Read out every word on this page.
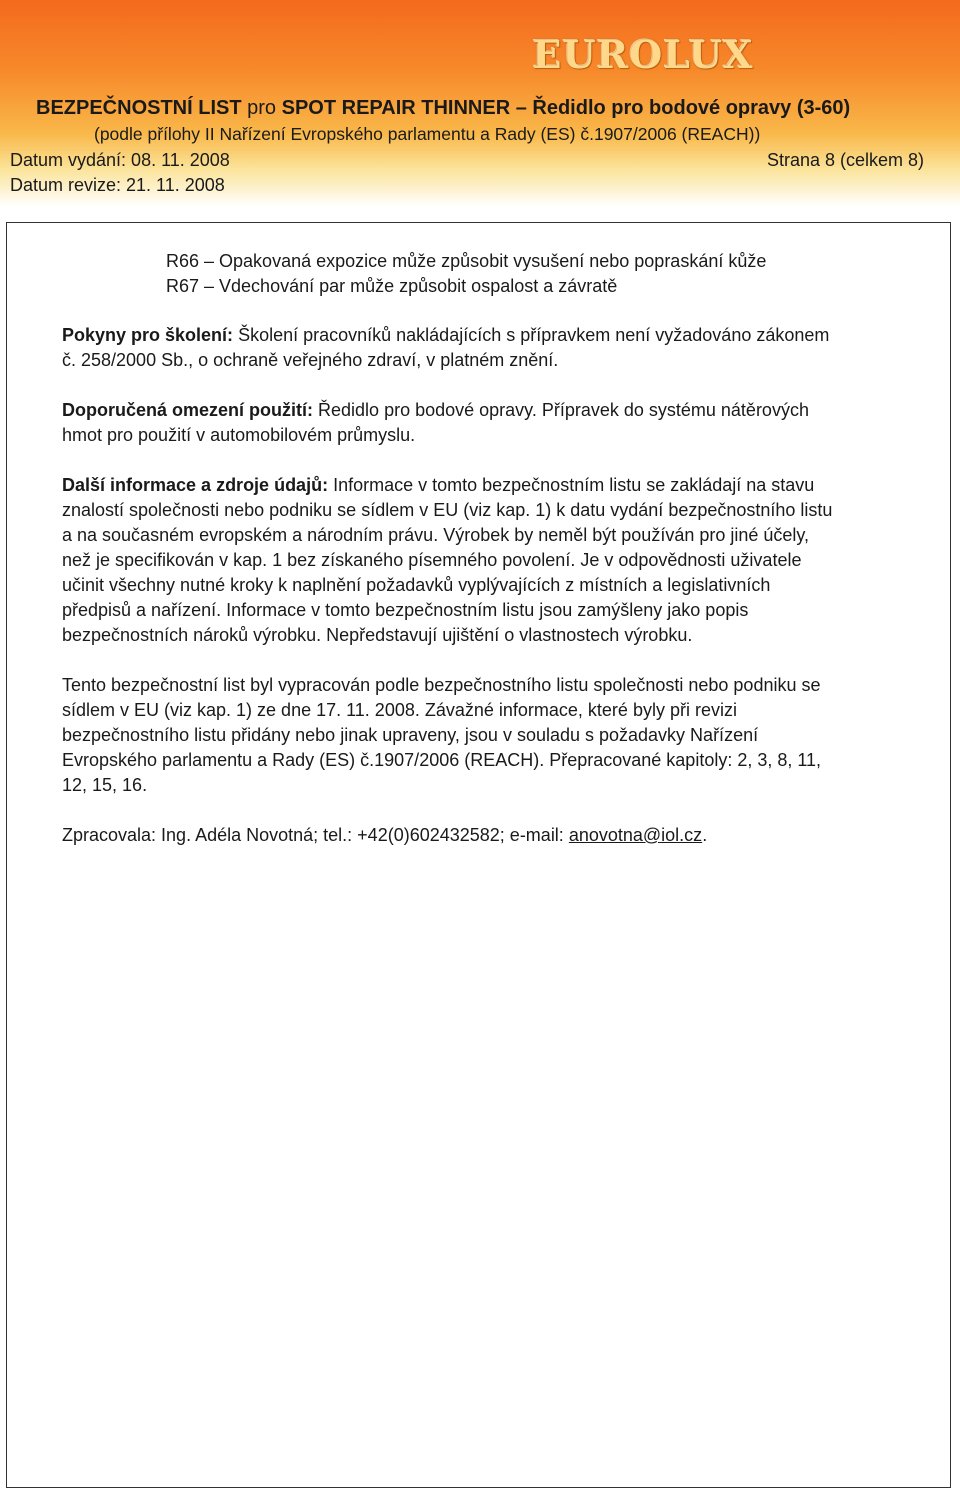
EUROLUX
BEZPEČNOSTNÍ LIST pro SPOT REPAIR THINNER – Ředidlo pro bodové opravy (3-60)
(podle přílohy II Nařízení Evropského parlamentu a Rady (ES) č.1907/2006 (REACH))
Datum vydání: 08. 11. 2008	Strana 8 (celkem 8)
Datum revize: 21. 11. 2008
R66 – Opakovaná expozice může způsobit vysušení nebo popraskání kůže
R67 – Vdechování par může způsobit ospalost a závratě
Pokyny pro školení: Školení pracovníků nakládajících s přípravkem není vyžadováno zákonem
č. 258/2000 Sb., o ochraně veřejného zdraví, v platném znění.
Doporučená omezení použití: Ředidlo pro bodové opravy. Přípravek do systému nátěrových
hmot pro použití v automobilovém průmyslu.
Další informace a zdroje údajů: Informace v tomto bezpečnostním listu se zakládají na stavu
znalostí společnosti nebo podniku se sídlem v EU (viz kap. 1) k datu vydání bezpečnostního listu
a na současném evropském a národním právu. Výrobek by neměl být používán pro jiné účely,
než je specifikován v kap. 1 bez získaného písemného povolení. Je v odpovědnosti uživatele
učinit všechny nutné kroky k naplnění požadavků vyplývajících z místních a legislativních
předpisů a nařízení. Informace v tomto bezpečnostním listu jsou zamýšleny jako popis
bezpečnostních nároků výrobku. Nepředstavují ujištění o vlastnostech výrobku.
Tento bezpečnostní list byl vypracován podle bezpečnostního listu společnosti nebo podniku se
sídlem v EU (viz kap. 1) ze dne 17. 11. 2008. Závažné informace, které byly při revizi
bezpečnostního listu přidány nebo jinak upraveny, jsou v souladu s požadavky Nařízení
Evropského parlamentu a Rady (ES) č.1907/2006 (REACH). Přepracované kapitoly: 2, 3, 8, 11,
12, 15, 16.
Zpracovala: Ing. Adéla Novotná; tel.: +42(0)602432582; e-mail: anovotna@iol.cz.
